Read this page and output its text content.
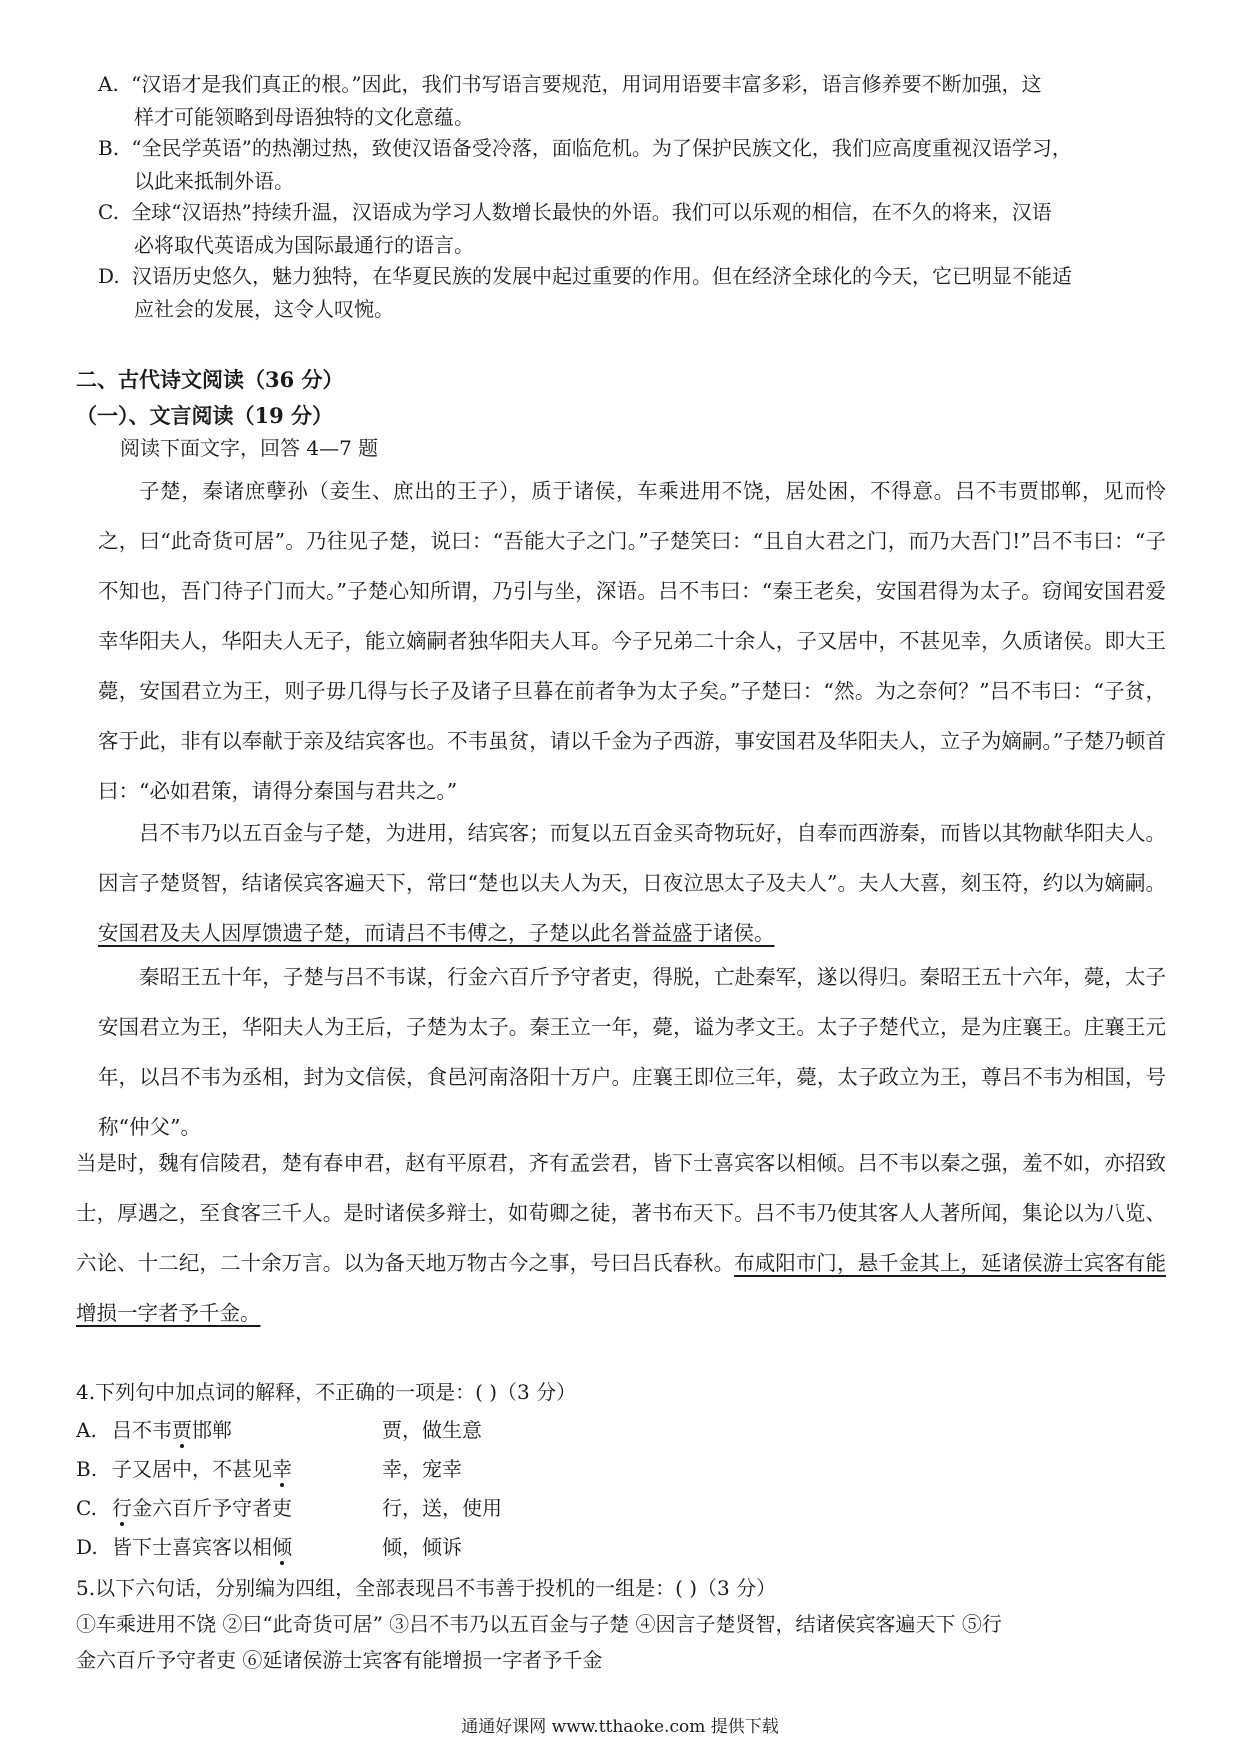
A. “汉语才是我们真正的根。”因此，我们书写语言要规范，用词用语要丰富多彩，语言修养要不断加强，这
样才可能领略到母语独特的文化意蕴。
B. “全民学英语”的热潮过热，致使汉语备受冷落，面临危机。为了保护民族文化，我们应高度重视汉语学习，
以此来抵制外语。
C. 全球“汉语热”持续升温，汉语成为学习人数增长最快的外语。我们可以乐观的相信，在不久的将来，汉语
必将取代英语成为国际最通行的语言。
D. 汉语历史悠久，魅力独特，在华夏民族的发展中起过重要的作用。但在经济全球化的今天，它已明显不能适
应社会的发展，这令人叹惋。
二、古代诗文阅读（36 分）
（一）、文言阅读（19 分）
阅读下面文字，回答 4—7 题
子楚，秦诸庶孽孙（妾生、庶出的王子），质于诸侯，车乘进用不饶，居处困，不得意。吕不韦贾邯郸，见而怜之，曰“此奇货可居”。乃往见子楚，说曰：“吾能大子之门。”子楚笑曰：“且自大君之门，而乃大吾门!”吕不韦曰：“子不知也，吾门待子门而大。”子楚心知所谓，乃引与坐，深语。吕不韦曰：“秦王老矣，安国君得为太子。窃闻安国君爱幸华阳夫人，华阳夫人无子，能立嫡嗣者独华阳夫人耳。今子兄弟二十余人，子又居中，不甚见幸，久质诸侯。即大王薨，安国君立为王，则子毋几得与长子及诸子旦暮在前者争为太子矣。”子楚曰：“然。为之奈何？”吕不韦曰：“子贫，客于此，非有以奉献于亲及结宾客也。不韦虽贫，请以千金为子西游，事安国君及华阳夫人，立子为嫡嗣。”子楚乃顿首曰：“必如君策，请得分秦国与君共之。”
吕不韦乃以五百金与子楚，为进用，结宾客；而复以五百金买奇物玩好，自奉而西游秦，而皆以其物献华阳夫人。因言子楚贤智，结诸侯宾客遍天下，常曰“楚也以夫人为天，日夜泣思太子及夫人”。夫人大喜，刻玉符，约以为嫡嗣。安国君及夫人因厚馈遗子楚，而请吕不韦傅之，子楚以此名誉益盛于诸侯。
秦昭王五十年，子楚与吕不韦谋，行金六百斤予守者吏，得脱，亡赴秦军，遂以得归。秦昭王五十六年，薨，太子安国君立为王，华阳夫人为王后，子楚为太子。秦王立一年，薨，谥为孝文王。太子子楚代立，是为庄襄王。庄襄王元年，以吕不韦为丞相，封为文信侯，食邑河南洛阳十万户。庄襄王即位三年，薨，太子政立为王，尊吕不韦为相国，号称“仲父”。
当是时，魏有信陵君，楚有春申君，赵有平原君，齐有孟尝君，皆下士喜宾客以相倾。吕不韦以秦之强，羞不如，亦招致士，厚遇之，至食客三千人。是时诸侯多辩士，如荀卿之徒，著书布天下。吕不韦乃使其客人人著所闻，集论以为八览、六论、十二纪，二十余万言。以为备天地万物古今之事，号曰吕氏春秋。布咸阳市门，悬千金其上，延诸侯游士宾客有能增损一字者予千金。
4.下列句中加点词的解释，不正确的一项是：( )（3 分）
A. 吕不韦贾邯郸	贾，做生意
B. 子又居中，不甚见幸	幸，宠幸
C. 行金六百斤予守者吏	行，送，使用
D. 皆下士喜宾客以相倾	倾，倾诉
5.以下六句话，分别编为四组，全部表现吕不韦善于投机的一组是：( )（3 分）
①车乘进用不饶 ②曰“此奇货可居” ③吕不韦乃以五百金与子楚 ④因言子楚贤智，结诸侯宾客遍天下 ⑤行
金六百斤予守者吏 ⑥延诸侯游士宾客有能增损一字者予千金
通通好课网 www.tthaoke.com 提供下载
